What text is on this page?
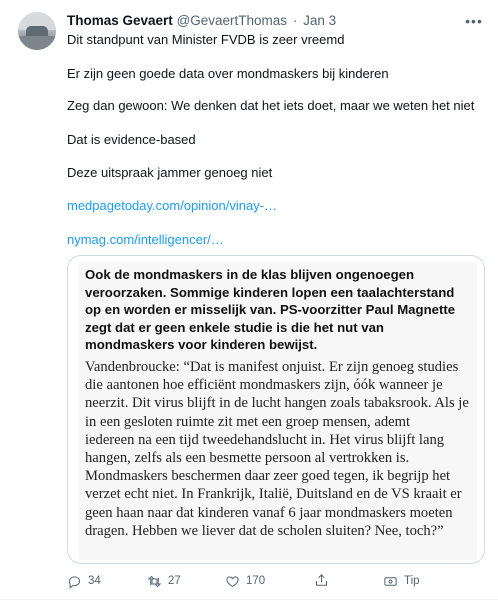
Thomas Gevaert @GevaertThomas · Jan 3	•••
Dit standpunt van Minister FVDB is zeer vreemd
Er zijn geen goede data over mondmaskers bij kinderen
Zeg dan gewoon: We denken dat het iets doet, maar we weten het niet
Dat is evidence-based
Deze uitspraak jammer genoeg niet
medpagetoday.com/opinion/vinay-…
nymag.com/intelligencer/…
Ook de mondmaskers in de klas blijven ongenoegen
veroorzaken. Sommige kinderen lopen een taalachterstand
op en worden er misselijk van. PS-voorzitter Paul Magnette
zegt dat er geen enkele studie is die het nut van
mondmaskers voor kinderen bewijst.
Vandenbroucke: “Dat is manifest onjuist. Er zijn genoeg studies
die aantonen hoe efficiënt mondmaskers zijn, óók wanneer je
neerzit. Dit virus blijft in de lucht hangen zoals tabaksrook. Als je
in een gesloten ruimte zit met een groep mensen, ademt
iedereen na een tijd tweedehandslucht in. Het virus blijft lang
hangen, zelfs als een besmette persoon al vertrokken is.
Mondmaskers beschermen daar zeer goed tegen, ik begrijp het
verzet echt niet. In Frankrijk, Italië, Duitsland en de VS kraait er
geen haan naar dat kinderen vanaf 6 jaar mondmaskers moeten
dragen. Hebben we liever dat de scholen sluiten? Nee, toch?”
34	27	170	Tip
